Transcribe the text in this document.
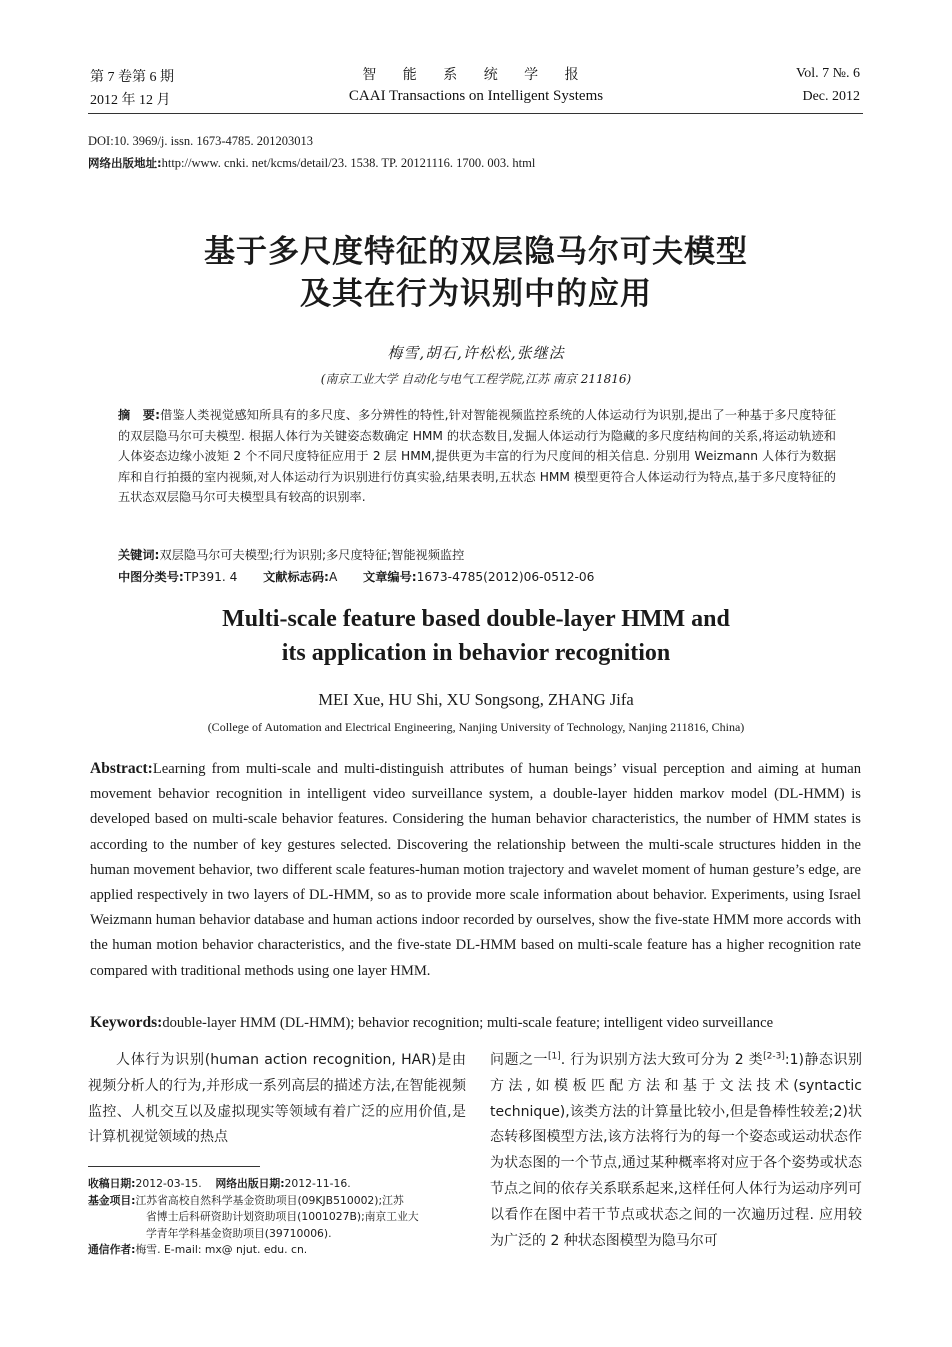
第 7 卷第 6 期
2012 年 12 月
智 能 系 统 学 报
CAAI Transactions on Intelligent Systems
Vol. 7 №. 6
Dec. 2012
DOI:10. 3969/j. issn. 1673-4785. 201203013
网络出版地址:http://www. cnki. net/kcms/detail/23. 1538. TP. 20121116. 1700. 003. html
基于多尺度特征的双层隐马尔可夫模型
及其在行为识别中的应用
梅雪,胡石,许松松,张继法
(南京工业大学 自动化与电气工程学院,江苏 南京 211816)
摘　要:借鉴人类视觉感知所具有的多尺度、多分辨性的特性,针对智能视频监控系统的人体运动行为识别,提出了一种基于多尺度特征的双层隐马尔可夫模型. 根据人体行为关键姿态数确定 HMM 的状态数目,发掘人体运动行为隐藏的多尺度结构间的关系,将运动轨迹和人体姿态边缘小波矩 2 个不同尺度特征应用于 2 层 HMM,提供更为丰富的行为尺度间的相关信息. 分别用 Weizmann 人体行为数据库和自行拍摄的室内视频,对人体运动行为识别进行仿真实验,结果表明,五状态 HMM 模型更符合人体运动行为特点,基于多尺度特征的五状态双层隐马尔可夫模型具有较高的识别率.
关键词:双层隐马尔可夫模型;行为识别;多尺度特征;智能视频监控
中图分类号:TP391. 4 文献标志码:A 文章编号:1673-4785(2012)06-0512-06
Multi-scale feature based double-layer HMM and
its application in behavior recognition
MEI Xue, HU Shi, XU Songsong, ZHANG Jifa
(College of Automation and Electrical Engineering, Nanjing University of Technology, Nanjing 211816, China)
Abstract:Learning from multi-scale and multi-distinguish attributes of human beings’ visual perception and aiming at human movement behavior recognition in intelligent video surveillance system, a double-layer hidden markov model (DL-HMM) is developed based on multi-scale behavior features. Considering the human behavior characteristics, the number of HMM states is according to the number of key gestures selected. Discovering the relationship between the multi-scale structures hidden in the human movement behavior, two different scale features-human motion trajectory and wavelet moment of human gesture’s edge, are applied respectively in two layers of DL-HMM, so as to provide more scale information about behavior. Experiments, using Israel Weizmann human behavior database and human actions indoor recorded by ourselves, show the five-state HMM more accords with the human motion behavior characteristics, and the five-state DL-HMM based on multi-scale feature has a higher recognition rate compared with traditional methods using one layer HMM.
Keywords:double-layer HMM (DL-HMM); behavior recognition; multi-scale feature; intelligent video surveillance
人体行为识别(human action recognition, HAR)是由视频分析人的行为,并形成一系列高层的描述方法,在智能视频监控、人机交互以及虚拟现实等领域有着广泛的应用价值,是计算机视觉领域的热点
问题之一[1]. 行为识别方法大致可分为 2 类[2-3]:1)静态识别方法,如模板匹配方法和基于文法技术(syntactic technique),该类方法的计算量比较小,但是鲁棒性较差;2)状态转移图模型方法,该方法将行为的每一个姿态或运动状态作为状态图的一个节点,通过某种概率将对应于各个姿势或状态节点之间的依存关系联系起来,这样任何人体行为运动序列可以看作在图中若干节点或状态之间的一次遍历过程. 应用较为广泛的 2 种状态图模型为隐马尔可
收稿日期:2012-03-15. 网络出版日期:2012-11-16.
基金项目:江苏省高校自然科学基金资助项目(09KJB510002);江苏
省博士后科研资助计划资助项目(1001027B);南京工业大
学青年学科基金资助项目(39710006).
通信作者:梅雪. E-mail: mx@ njut. edu. cn.
